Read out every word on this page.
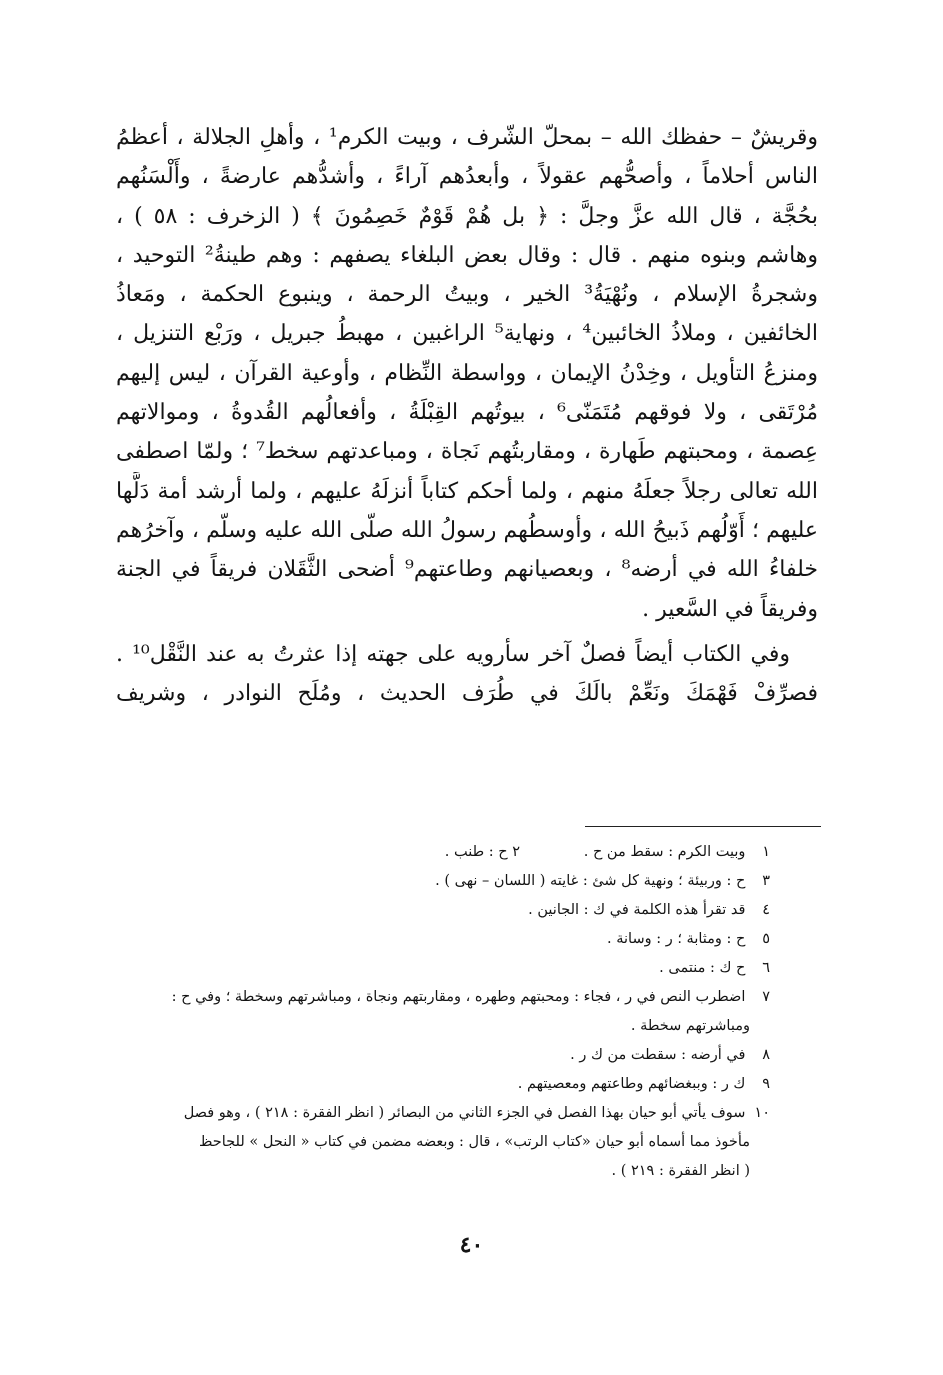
وقريشٌ – حفظك الله – بمحلّ الشّرف ، وبيت الكرم¹ ، وأهلِ الجلالة ، أعظمُ
الناس أحلاماً ، وأصحُّهم عقولاً ، وأبعدُهم آراءً ، وأشدُّهم عارضةً ، وأَلْسَنُهم
بحُجَّة ، قال الله عزَّ وجلَّ : ﴿ بل هُمْ قَوْمٌ خَصِمُونَ ﴾ ( الزخرف : ٥٨ ) ،
وهاشم وبنوه منهم . قال : وقال بعض البلغاء يصفهم : وهم طينةُ² التوحيد ،
وشجرةُ الإسلام ، ونُهْيَةُ³ الخير ، وبيتُ الرحمة ، وينبوع الحكمة ، ومَعاذُ
الخائفين ، وملاذُ الخائبين⁴ ، ونهاية⁵ الراغبين ، مهبطُ جبريل ، ورَبْع التنزيل ،
ومنزعُ التأويل ، وخِدْنُ الإيمان ، وواسطة النِّظام ، وأوعية القرآن ، ليس إليهم
مُرْتَقى ، ولا فوقهم مُتَمَنّى⁶ ، بيوتُهم القِبْلَةُ ، وأفعالُهم القُدوةُ ، وموالاتهم
عِصمة ، ومحبتهم طَهارة ، ومقاربتُهم نَجاة ، ومباعدتهم سخط⁷ ؛ ولمّا اصطفى
الله تعالى رجلاً جعلَهُ منهم ، ولما أحكم كتاباً أنزلَهُ عليهم ، ولما أرشد أمة دَلَّها
عليهم ؛ أَوّلُهم ذَبيحُ الله ، وأوسطُهم رسولُ الله صلّى الله عليه وسلّم ، وآخرُهم
خلفاءُ الله في أرضه⁸ ، وبعصيانهم وطاعتهم⁹ أضحى الثَّقَلان فريقاً في الجنة
وفريقاً في السَّعير .
وفي الكتاب أيضاً فصلٌ آخر سأرويه على جهته إذا عثرتُ به عند النَّقْل¹⁰ .
فصرِّفْ فَهْمَكَ ونَعِّمْ بالَكَ في طُرَف الحديث ، ومُلَح النوادر ، وشريف
١ وبيت الكرم : سقط من ح .
٢ ح : طنب .
٣ ح : وربيئة ؛ ونهية كل شئ : غايته ( اللسان – نهى ) .
٤ قد تقرأ هذه الكلمة في ك : الجانين .
٥ ح : ومثابة ؛ ر : وسانة .
٦ ح ك : منتمى .
٧ اضطرب النص في ر ، فجاء : ومحبتهم وطهره ، ومقاربتهم ونجاة ، ومباشرتهم وسخطة ؛ وفي ح :
ومباشرتهم سخطة .
٨ في أرضه : سقطت من ك ر .
٩ ك ر : وببغضائهم وطاعتهم ومعصيتهم .
١٠ سوف يأتي أبو حيان بهذا الفصل في الجزء الثاني من البصائر ( انظر الفقرة : ٢١٨ ) ، وهو فصل
مأخوذ مما أسماه أبو حيان «كتاب الرتب» ، قال : وبعضه مضمن في كتاب « النحل » للجاحظ
( انظر الفقرة : ٢١٩ ) .
٤٠
